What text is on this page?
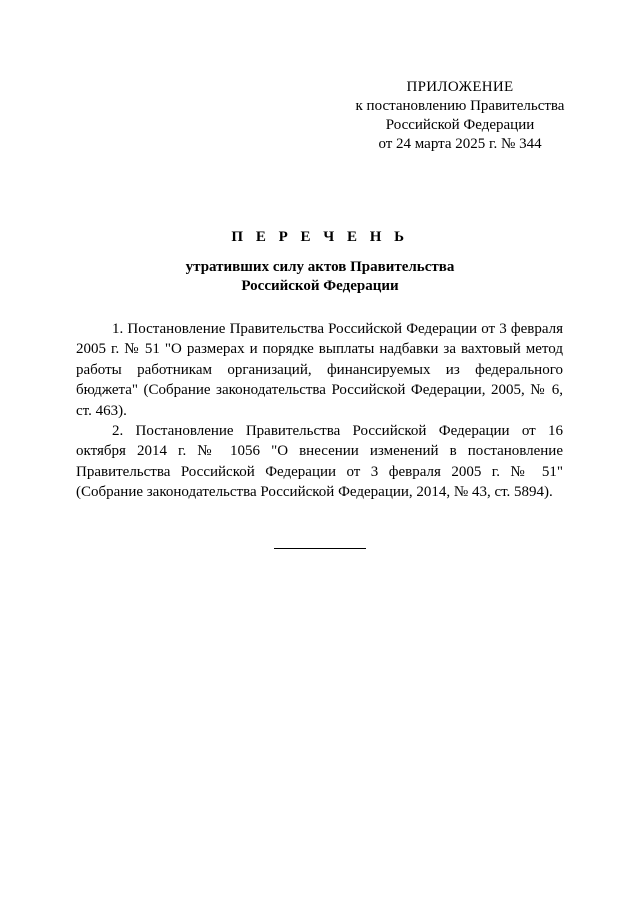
ПРИЛОЖЕНИЕ
к постановлению Правительства
Российской Федерации
от 24 марта 2025 г. № 344
П Е Р Е Ч Е Н Ь
утративших силу актов Правительства
Российской Федерации

1. Постановление Правительства Российской Федерации от 3 февраля 2005 г. № 51 "О размерах и порядке выплаты надбавки за вахтовый метод работы работникам организаций, финансируемых из федерального бюджета" (Собрание законодательства Российской Федерации, 2005, № 6, ст. 463).

2. Постановление Правительства Российской Федерации от 16 октября 2014 г. № 1056 "О внесении изменений в постановление Правительства Российской Федерации от 3 февраля 2005 г. № 51" (Собрание законодательства Российской Федерации, 2014, № 43, ст. 5894).
